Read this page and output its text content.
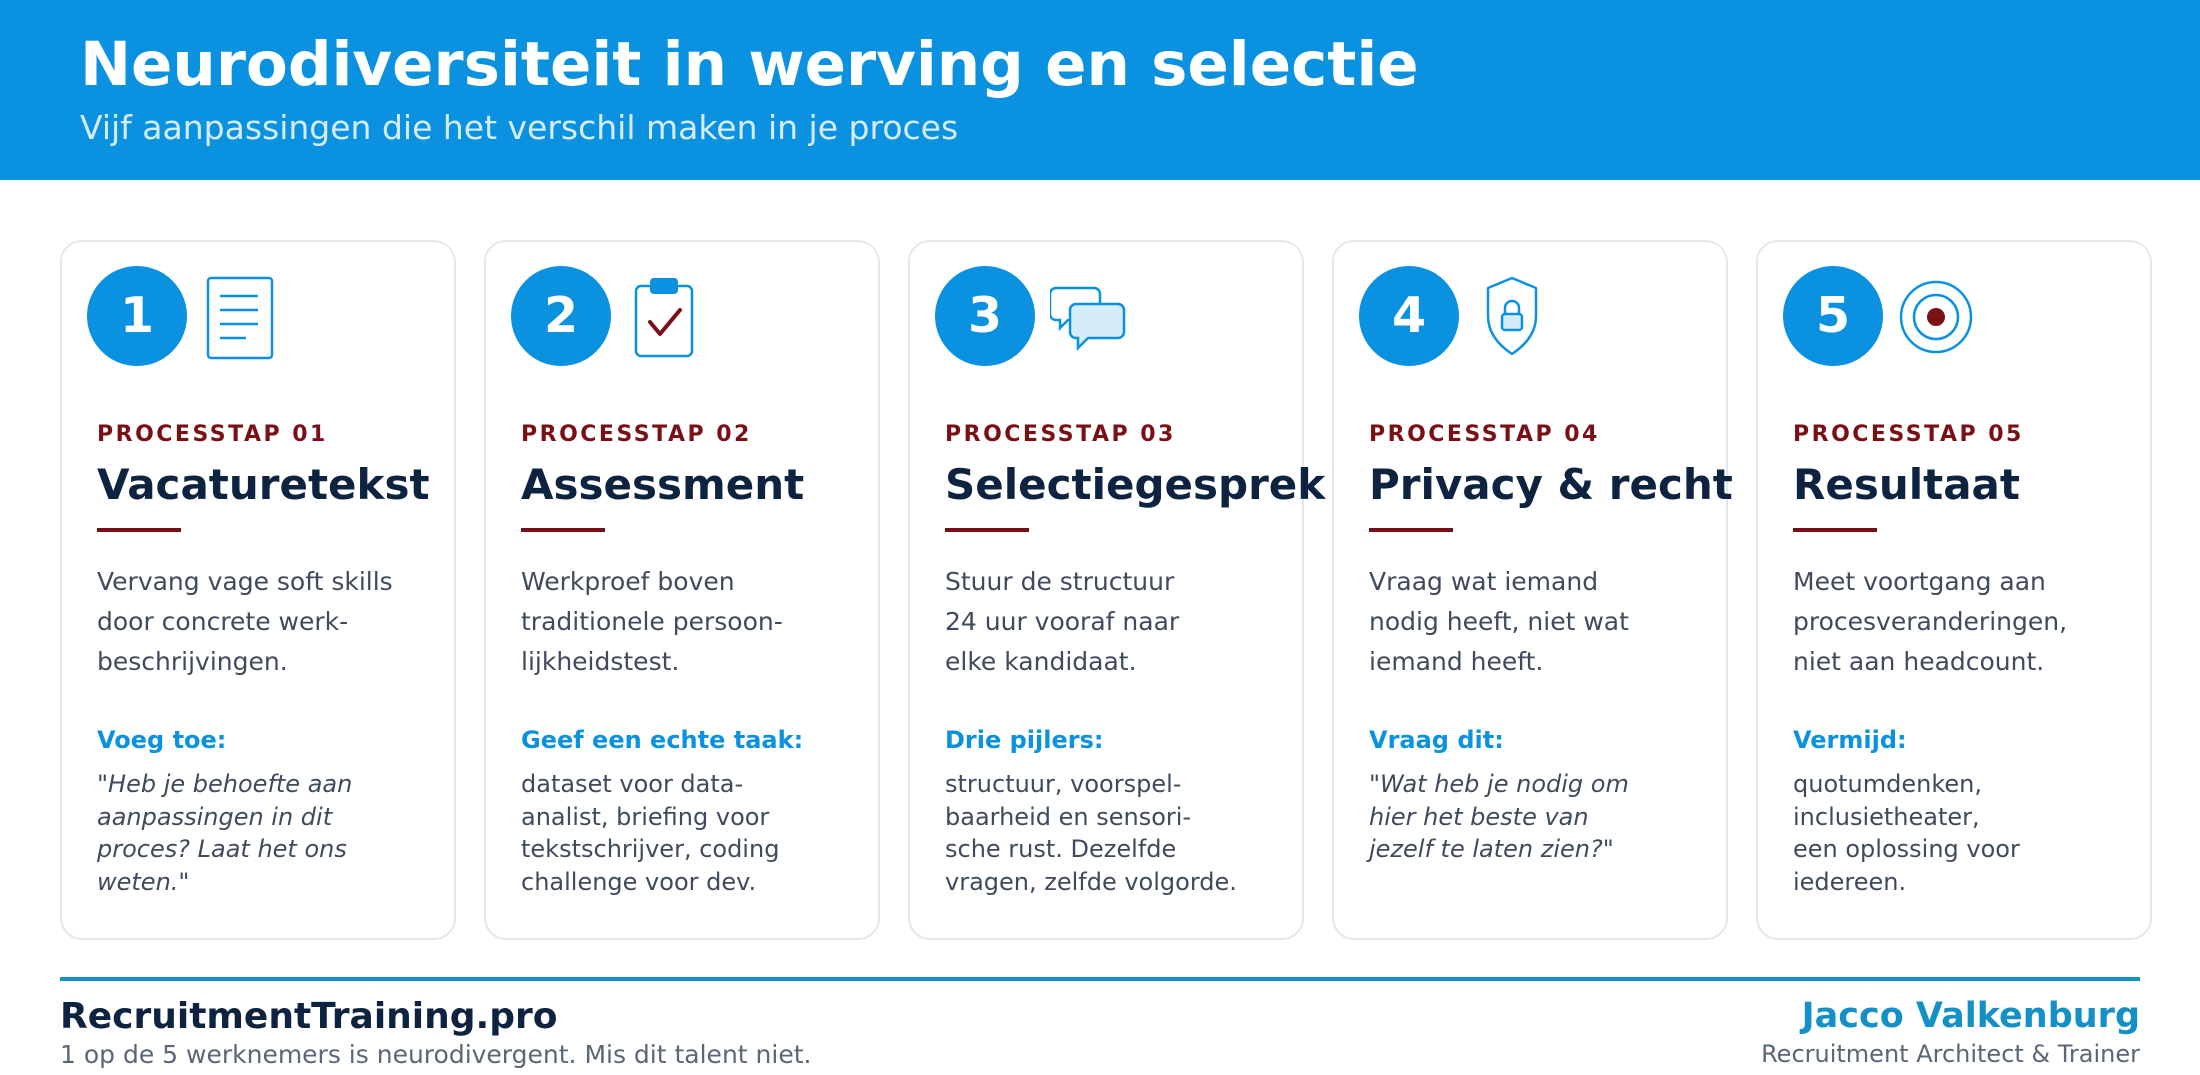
Neurodiversiteit in werving en selectie
Vijf aanpassingen die het verschil maken in je proces
1
PROCESSTAP 01
Vacaturetekst
Vervang vage soft skills
door concrete werk-
beschrijvingen.
Voeg toe:
"Heb je behoefte aan
aanpassingen in dit
proces? Laat het ons
weten."
2
PROCESSTAP 02
Assessment
Werkproef boven
traditionele persoon-
lijkheidstest.
Geef een echte taak:
dataset voor data-
analist, briefing voor
tekstschrijver, coding
challenge voor dev.
3
PROCESSTAP 03
Selectiegesprek
Stuur de structuur
24 uur vooraf naar
elke kandidaat.
Drie pijlers:
structuur, voorspel-
baarheid en sensori-
sche rust. Dezelfde
vragen, zelfde volgorde.
4
PROCESSTAP 04
Privacy & recht
Vraag wat iemand
nodig heeft, niet wat
iemand heeft.
Vraag dit:
"Wat heb je nodig om
hier het beste van
jezelf te laten zien?"
5
PROCESSTAP 05
Resultaat
Meet voortgang aan
procesveranderingen,
niet aan headcount.
Vermijd:
quotumdenken,
inclusietheater,
een oplossing voor
iedereen.
RecruitmentTraining.pro
1 op de 5 werknemers is neurodivergent. Mis dit talent niet.
Jacco Valkenburg
Recruitment Architect & Trainer
